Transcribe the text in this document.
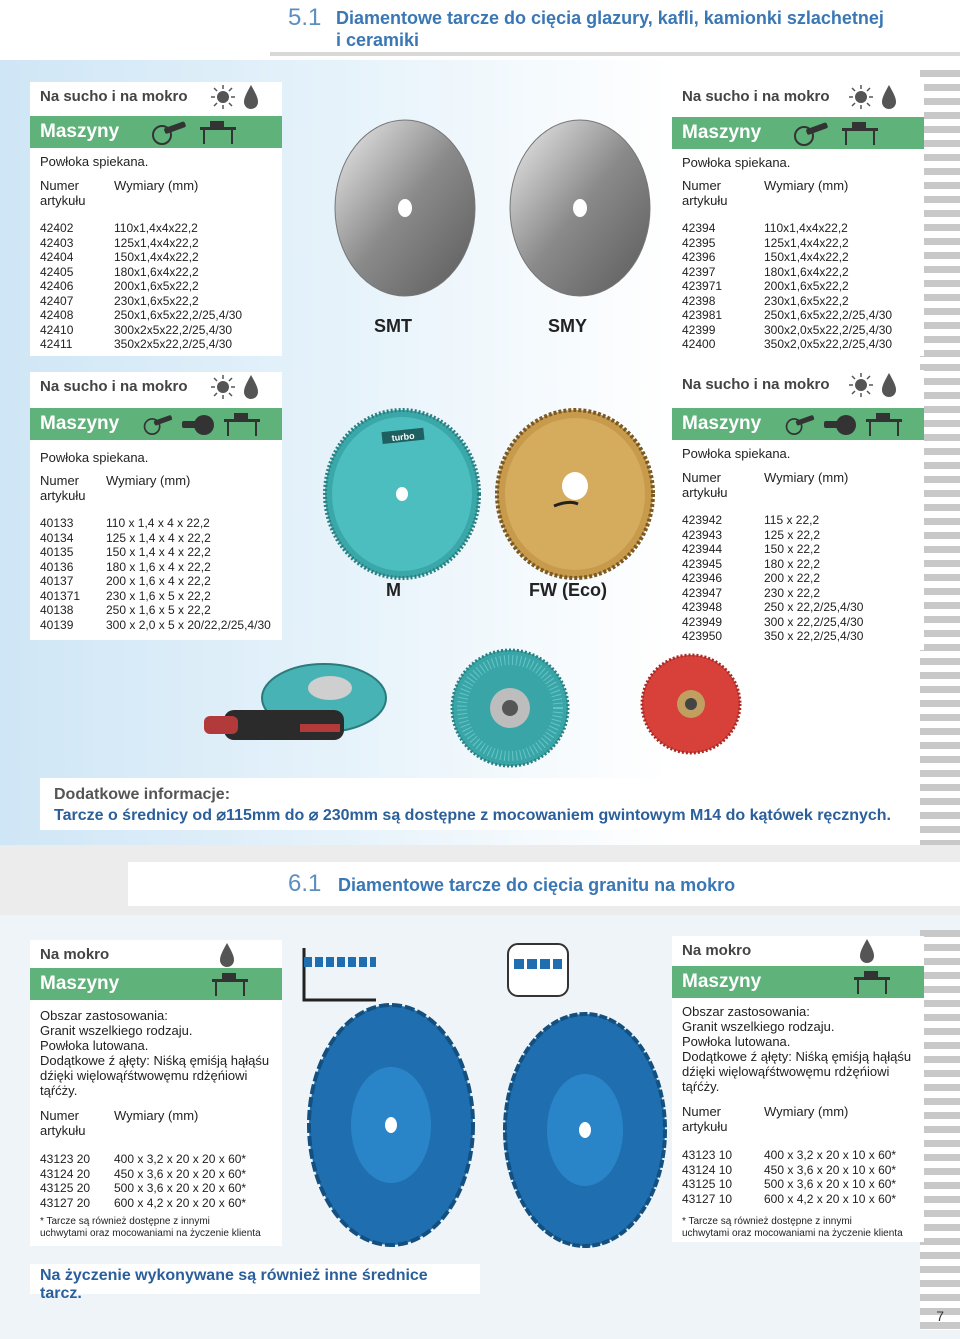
5.1 Diamentowe tarcze do cięcia glazury, kafli, kamionki szlachetnej
i ceramiki
Na sucho i na mokro
Maszyny
Powłoka spiekana.
Numer
artykułu
Wymiary (mm)
42402	110x1,4x4x22,2
42403	125x1,4x4x22,2
42404	150x1,4x4x22,2
42405	180x1,6x4x22,2
42406	200x1,6x5x22,2
42407	230x1,6x5x22,2
42408	250x1,6x5x22,2/25,4/30
42410	300x2x5x22,2/25,4/30
42411	350x2x5x22,2/25,4/30
Na sucho i na mokro
Maszyny
Powłoka spiekana.
Numer
artykułu
Wymiary (mm)
42394	110x1,4x4x22,2
42395	125x1,4x4x22,2
42396	150x1,4x4x22,2
42397	180x1,6x4x22,2
423971	200x1,6x5x22,2
42398	230x1,6x5x22,2
423981	250x1,6x5x22,2/25,4/30
42399	300x2,0x5x22,2/25,4/30
42400	350x2,0x5x22,2/25,4/30
SMT	SMY
Na sucho i na mokro
Maszyny
Powłoka spiekana.
Numer
artykułu
Wymiary (mm)
40133	110 x 1,4 x 4 x 22,2
40134	125 x 1,4 x 4 x 22,2
40135	150 x 1,4 x 4 x 22,2
40136	180 x 1,6 x 4 x 22,2
40137	200 x 1,6 x 4 x 22,2
401371	230 x 1,6 x 5 x 22,2
40138	250 x 1,6 x 5 x 22,2
40139	300 x 2,0 x 5 x 20/22,2/25,4/30
Na sucho i na mokro
Maszyny
Powłoka spiekana.
Numer
artykułu
Wymiary (mm)
423942	115 x 22,2
423943	125 x 22,2
423944	150 x 22,2
423945	180 x 22,2
423946	200 x 22,2
423947	230 x 22,2
423948	250 x 22,2/25,4/30
423949	300 x 22,2/25,4/30
423950	350 x 22,2/25,4/30
turbo
M	FW (Eco)
Dodatkowe informacje:
Tarcze o średnicy od ⌀115mm do ⌀ 230mm są dostępne z mocowaniem gwintowym M14 do kątówek ręcznych.
6.1 Diamentowe tarcze do cięcia granitu na mokro
Na mokro
Maszyny
Obszar zastosowania:
Granit wszelkiego rodzaju.
Powłoka lutowana.
Dodątkowe ź ąłęty: Niśką ęmiśją hąłąśu
dźięki więlowąŕśtwowęmu rdżęńiowi
tąŕćży.
Numer
artykułu
Wymiary (mm)
43123 20	400 x 3,2 x 20 x 20 x 60*
43124 20	450 x 3,6 x 20 x 20 x 60*
43125 20	500 x 3,6 x 20 x 20 x 60*
43127 20	600 x 4,2 x 20 x 20 x 60*
* Tarcze są również dostępne z innymi
uchwytami oraz mocowaniami na życzenie klienta
Na mokro
Maszyny
Obszar zastosowania:
Granit wszelkiego rodzaju.
Powłoka lutowana.
Dodątkowe ź ąłęty: Niśką ęmiśją hąłąśu
dźięki więlowąŕśtwowęmu rdżęńiowi
tąŕćży.
Numer
artykułu
Wymiary (mm)
43123 10	400 x 3,2 x 20 x 10 x 60*
43124 10	450 x 3,6 x 20 x 10 x 60*
43125 10	500 x 3,6 x 20 x 10 x 60*
43127 10	600 x 4,2 x 20 x 10 x 60*
* Tarcze są również dostępne z innymi
uchwytami oraz mocowaniami na życzenie klienta
Na życzenie wykonywane są również inne średnice tarcz.
7
